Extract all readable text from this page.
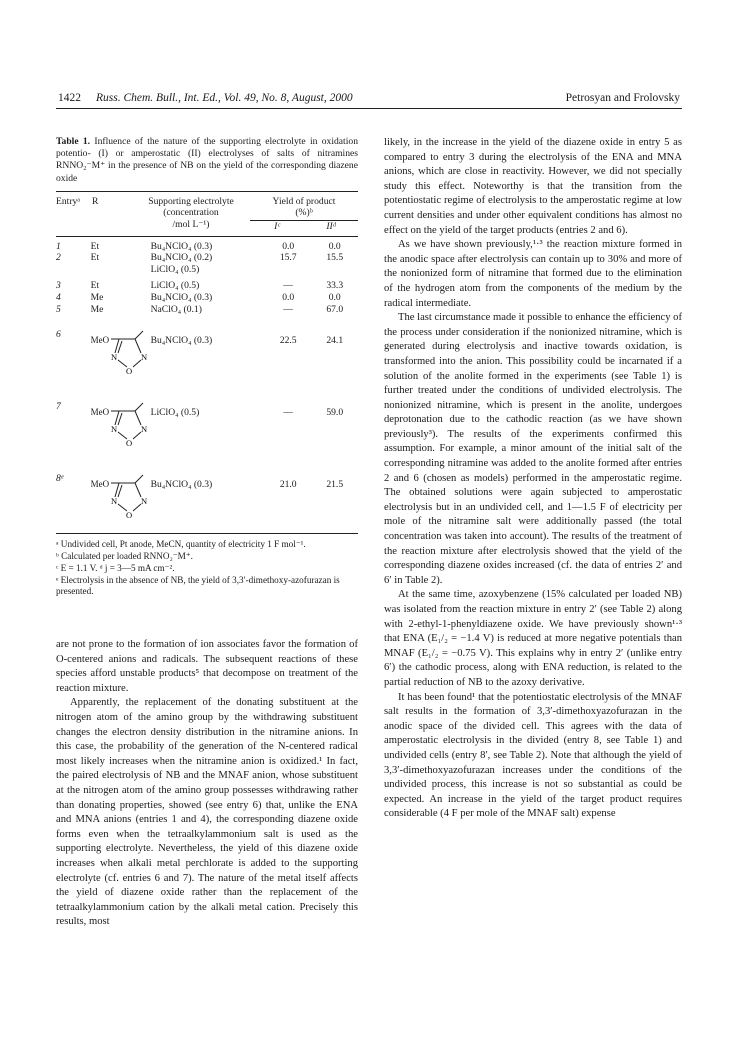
1422 Russ. Chem. Bull., Int. Ed., Vol. 49, No. 8, August, 2000	Petrosyan and Frolovsky
Table 1. Influence of the nature of the supporting electrolyte in oxidation potentio- (I) or amperostatic (II) electrolyses of salts of nitramines RNNO₂⁻M⁺ in the presence of NB on the yield of the corresponding diazene oxide
Entryᵃ	R	Supporting electrolyte
(concentration
/mol L⁻¹)

Yield of product
(%)ᵇ
Iᶜ	IIᵈ
1	Et	Bu₄NClO₄ (0.3)	0.0	0.0
2	Et	Bu₄NClO₄ (0.2)	15.7	15.5
		LiClO₄ (0.5)		

3	Et	LiClO₄ (0.5)	—	33.3
4	Me	Bu₄NClO₄ (0.3)	0.0	0.0
5	Me	NaClO₄ (0.1)	—	67.0

6	MeO
N N
O	Bu₄NClO₄ (0.3)	22.5	24.1

7	MeO
N N
O	LiClO₄ (0.5)	—	59.0

8ᵉ	MeO
N N
O	Bu₄NClO₄ (0.3)	21.0	21.5
ᵃ Undivided cell, Pt anode, MeCN, quantity of electricity 1 F mol⁻¹.
ᵇ Calculated per loaded RNNO₂⁻M⁺.
ᶜ E = 1.1 V. ᵈ j = 3—5 mA cm⁻².
ᵉ Electrolysis in the absence of NB, the yield of 3,3′-dimethoxy-azofurazan is presented.

are not prone to the formation of ion associates favor the formation of O-centered anions and radicals. The subsequent reactions of these species afford unstable products⁵ that decompose on treatment of the reaction mixture.

Apparently, the replacement of the donating substituent at the nitrogen atom of the amino group by the withdrawing substituent changes the electron density distribution in the nitramine anions. In this case, the probability of the generation of the N-centered radical most likely increases when the nitramine anion is oxidized.¹ In fact, the paired electrolysis of NB and the MNAF anion, whose substituent at the nitrogen atom of the amino group possesses withdrawing rather than donating properties, showed (see entry 6) that, unlike the ENA and MNA anions (entries 1 and 4), the corresponding diazene oxide forms even when the tetraalkylammonium salt is used as the supporting electrolyte. Nevertheless, the yield of this diazene oxide increases when alkali metal perchlorate is added to the supporting electrolyte (cf. entries 6 and 7). The nature of the metal itself affects the yield of diazene oxide rather than the replacement of the tetraalkylammonium cation by the alkali metal cation. Precisely this results, most

likely, in the increase in the yield of the diazene oxide in entry 5 as compared to entry 3 during the electrolysis of the ENA and MNA anions, which are close in reactivity. However, we did not specially study this effect. Noteworthy is that the transition from the potentiostatic regime of electrolysis to the amperostatic regime at low current densities and under other equivalent conditions has almost no effect on the yield of the target products (entries 2 and 6).

As we have shown previously,¹·³ the reaction mixture formed in the anodic space after electrolysis can contain up to 30% and more of the nonionized form of nitramine that formed due to the elimination of the hydrogen atom from the components of the medium by the radical intermediate.

The last circumstance made it possible to enhance the efficiency of the process under consideration if the nonionized nitramine, which is generated during electrolysis and inactive towards oxidation, is transformed into the anion. This possibility could be incarnated if a solution of the anolite formed in the experiments (see Table 1) is further treated under the conditions of undivided electrolysis. The nonionized nitramine, which is present in the anolite, undergoes deprotonation due to the cathodic reaction (as we have shown previously³). The results of the experiments confirmed this assumption. For example, a minor amount of the initial salt of the corresponding nitramine was added to the anolite formed after entries 2 and 6 (chosen as models) performed in the amperostatic regime. The obtained solutions were again subjected to amperostatic electrolysis but in an undivided cell, and 1—1.5 F of electricity per mole of the nitramine salt were additionally passed (the total concentration was taken into account). The results of the treatment of the reaction mixture after electrolysis showed that the yield of the corresponding diazene oxides increased (cf. the data of entries 2′ and 6′ in Table 2).

At the same time, azoxybenzene (15% calculated per loaded NB) was isolated from the reaction mixture in entry 2′ (see Table 2) along with 2-ethyl-1-phenyldiazene oxide. We have previously shown¹·³ that ENA (E₁/₂ = −1.4 V) is reduced at more negative potentials than MNAF (E₁/₂ = −0.75 V). This explains why in entry 2′ (unlike entry 6′) the cathodic process, along with ENA reduction, is related to the partial reduction of NB to the azoxy derivative.

It has been found¹ that the potentiostatic electrolysis of the MNAF salt results in the formation of 3,3′-dimethoxyazofurazan in the anodic space of the divided cell. This agrees with the data of amperostatic electrolysis in the divided (entry 8, see Table 1) and undivided cells (entry 8′, see Table 2). Note that although the yield of 3,3′-dimethoxyazofurazan increases under the conditions of the undivided process, this increase is not so substantial as could be expected. An increase in the yield of the target product requires considerable (4 F per mole of the MNAF salt) expense
